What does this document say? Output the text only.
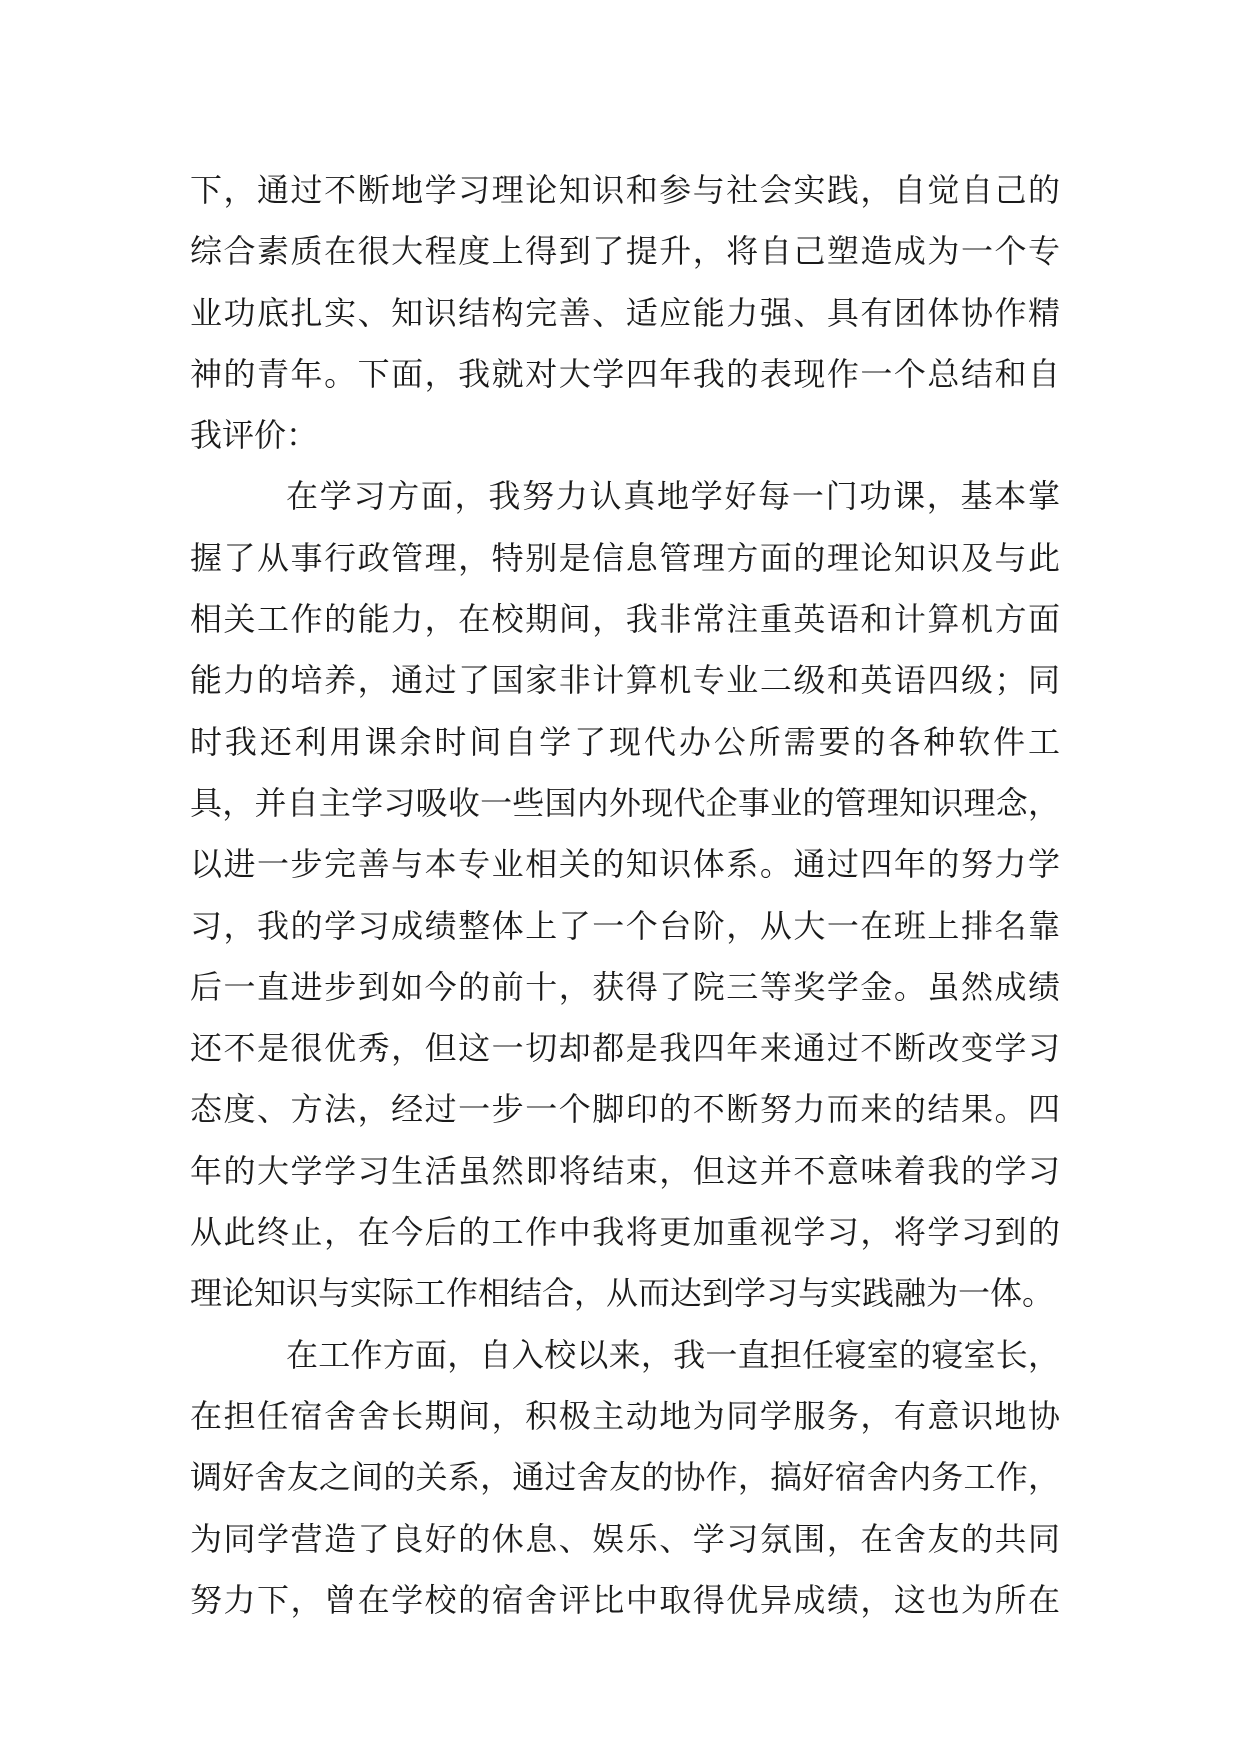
下，通过不断地学习理论知识和参与社会实践，自觉自己的
综合素质在很大程度上得到了提升，将自己塑造成为一个专
业功底扎实、知识结构完善、适应能力强、具有团体协作精
神的青年。下面，我就对大学四年我的表现作一个总结和自
我评价：
在学习方面，我努力认真地学好每一门功课，基本掌
握了从事行政管理，特别是信息管理方面的理论知识及与此
相关工作的能力，在校期间，我非常注重英语和计算机方面
能力的培养，通过了国家非计算机专业二级和英语四级；同
时我还利用课余时间自学了现代办公所需要的各种软件工
具，并自主学习吸收一些国内外现代企事业的管理知识理念，
以进一步完善与本专业相关的知识体系。通过四年的努力学
习，我的学习成绩整体上了一个台阶，从大一在班上排名靠
后一直进步到如今的前十，获得了院三等奖学金。虽然成绩
还不是很优秀，但这一切却都是我四年来通过不断改变学习
态度、方法，经过一步一个脚印的不断努力而来的结果。四
年的大学学习生活虽然即将结束，但这并不意味着我的学习
从此终止，在今后的工作中我将更加重视学习，将学习到的
理论知识与实际工作相结合，从而达到学习与实践融为一体。
在工作方面，自入校以来，我一直担任寝室的寝室长，
在担任宿舍舍长期间，积极主动地为同学服务，有意识地协
调好舍友之间的关系，通过舍友的协作，搞好宿舍内务工作，
为同学营造了良好的休息、娱乐、学习氛围，在舍友的共同
努力下，曾在学校的宿舍评比中取得优异成绩，这也为所在
